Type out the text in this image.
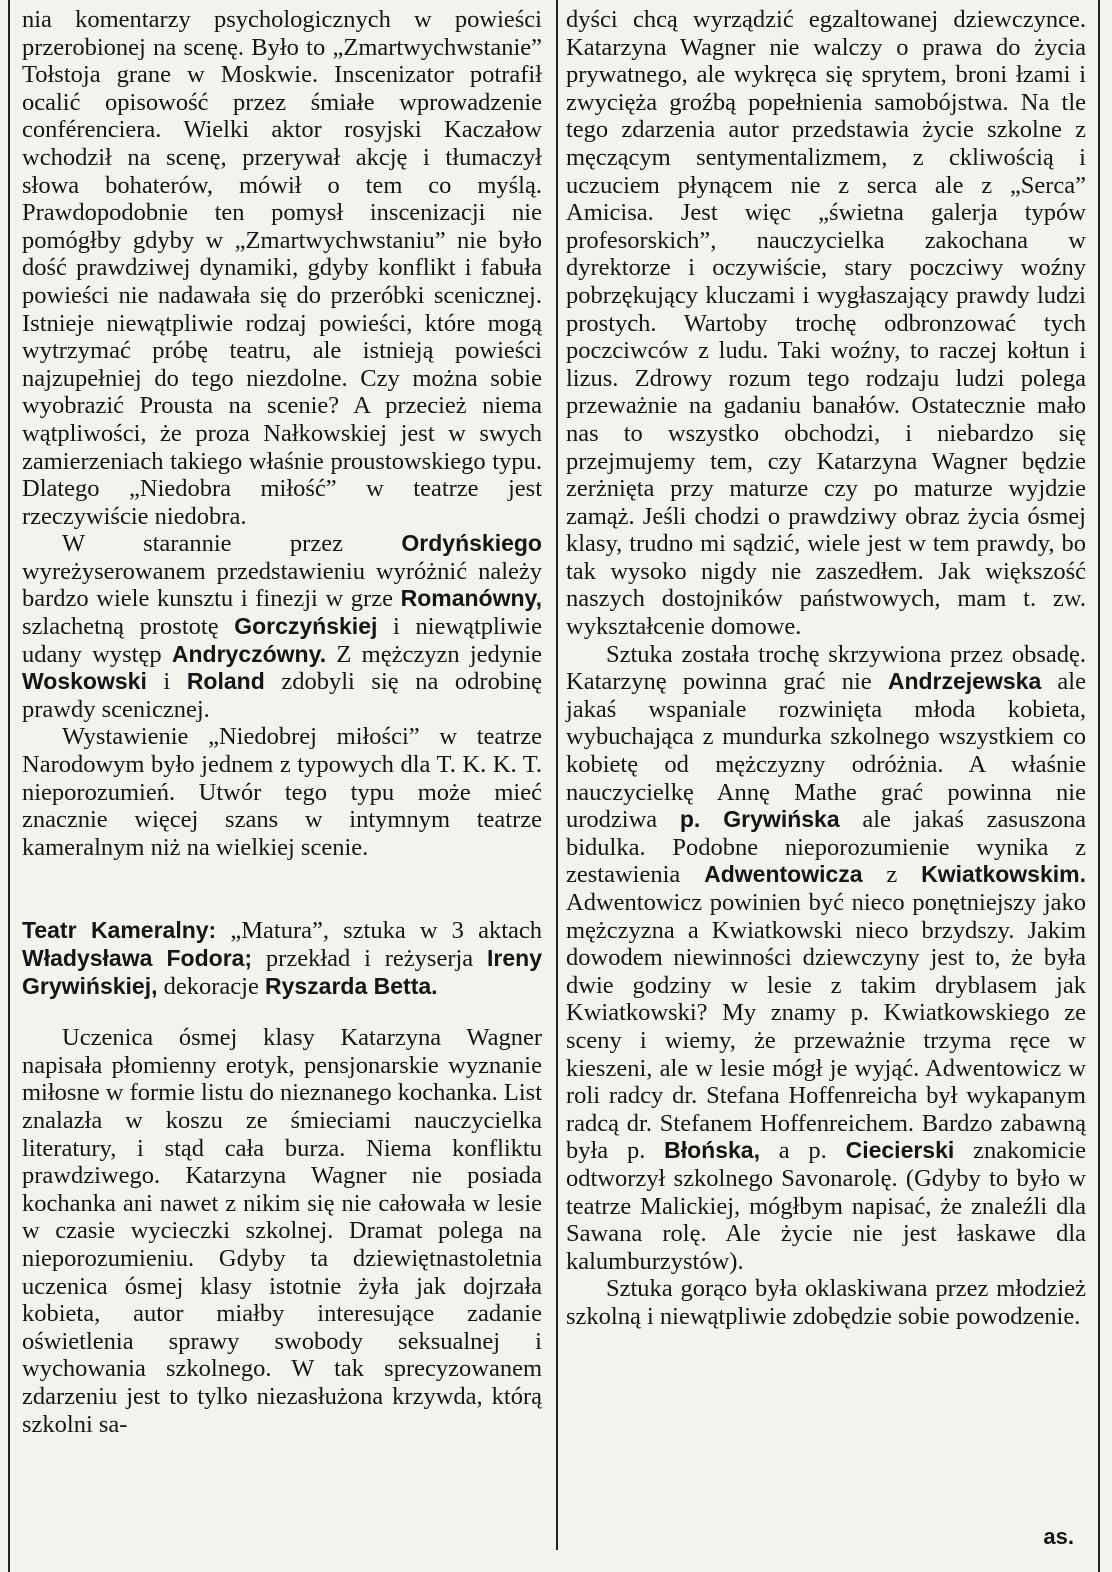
nia komentarzy psychologicznych w powieści przerobionej na scenę. Było to „Zmartwychwstanie” Tołstoja grane w Moskwie. Inscenizator potrafił ocalić opisowość przez śmiałe wprowadzenie conférenciera. Wielki aktor rosyjski Kaczałow wchodził na scenę, przerywał akcję i tłumaczył słowa bohaterów, mówił o tem co myślą. Prawdopodobnie ten pomysł inscenizacji nie pomógłby gdyby w „Zmartwychwstaniu” nie było dość prawdziwej dynamiki, gdyby konflikt i fabuła powieści nie nadawała się do przeróbki scenicznej. Istnieje niewątpliwie rodzaj powieści, które mogą wytrzymać próbę teatru, ale istnieją powieści najzupełniej do tego niezdolne. Czy można sobie wyobrazić Prousta na scenie? A przecież niema wątpliwości, że proza Nałkowskiej jest w swych zamierzeniach takiego właśnie proustowskiego typu. Dlatego „Niedobra miłość” w teatrze jest rzeczywiście niedobra.

W starannie przez Ordyńskiego wyreżyserowanem przedstawieniu wyróżnić należy bardzo wiele kunsztu i finezji w grze Romanówny, szlachetną prostotę Gorczyńskiej i niewątpliwie udany występ Andryczówny. Z mężczyzn jedynie Woskowski i Roland zdobyli się na odrobinę prawdy scenicznej.

Wystawienie „Niedobrej miłości” w teatrze Narodowym było jednem z typowych dla T. K. K. T. nieporozumień. Utwór tego typu może mieć znacznie więcej szans w intymnym teatrze kameralnym niż na wielkiej scenie.

Teatr Kameralny: „Matura”, sztuka w 3 aktach Władysława Fodora; przekład i reżyserja Ireny Grywińskiej, dekoracje Ryszarda Betta.

Uczenica ósmej klasy Katarzyna Wagner napisała płomienny erotyk, pensjonarskie wyznanie miłosne w formie listu do nieznanego kochanka. List znalazła w koszu ze śmieciami nauczycielka literatury, i stąd cała burza. Niema konfliktu prawdziwego. Katarzyna Wagner nie posiada kochanka ani nawet z nikim się nie całowała w lesie w czasie wycieczki szkolnej. Dramat polega na nieporozumieniu. Gdyby ta dziewiętnastoletnia uczenica ósmej klasy istotnie żyła jak dojrzała kobieta, autor miałby interesujące zadanie oświetlenia sprawy swobody seksualnej i wychowania szkolnego. W tak sprecyzowanem zdarzeniu jest to tylko niezasłużona krzywda, którą szkolni sa-

dyści chcą wyrządzić egzaltowanej dziewczynce. Katarzyna Wagner nie walczy o prawa do życia prywatnego, ale wykręca się sprytem, broni łzami i zwycięża groźbą popełnienia samobójstwa. Na tle tego zdarzenia autor przedstawia życie szkolne z męczącym sentymentalizmem, z ckliwością i uczuciem płynącem nie z serca ale z „Serca” Amicisa. Jest więc „świetna galerja typów profesorskich”, nauczycielka zakochana w dyrektorze i oczywiście, stary poczciwy woźny pobrzękujący kluczami i wygłaszający prawdy ludzi prostych. Wartoby trochę odbronzować tych poczciwców z ludu. Taki woźny, to raczej kołtun i lizus. Zdrowy rozum tego rodzaju ludzi polega przeważnie na gadaniu banałów. Ostatecznie mało nas to wszystko obchodzi, i niebardzo się przejmujemy tem, czy Katarzyna Wagner będzie zerżnięta przy maturze czy po maturze wyjdzie zamąż. Jeśli chodzi o prawdziwy obraz życia ósmej klasy, trudno mi sądzić, wiele jest w tem prawdy, bo tak wysoko nigdy nie zaszedłem. Jak większość naszych dostojników państwowych, mam t. zw. wykształcenie domowe.

Sztuka została trochę skrzywiona przez obsadę. Katarzynę powinna grać nie Andrzejewska ale jakaś wspaniale rozwinięta młoda kobieta, wybuchająca z mundurka szkolnego wszystkiem co kobietę od mężczyzny odróżnia. A właśnie nauczycielkę Annę Mathe grać powinna nie urodziwa p. Grywińska ale jakaś zasuszona bidulka. Podobne nieporozumienie wynika z zestawienia Adwentowicza z Kwiatkowskim. Adwentowicz powinien być nieco ponętniejszy jako mężczyzna a Kwiatkowski nieco brzydszy. Jakim dowodem niewinności dziewczyny jest to, że była dwie godziny w lesie z takim dryblasem jak Kwiatkowski? My znamy p. Kwiatkowskiego ze sceny i wiemy, że przeważnie trzyma ręce w kieszeni, ale w lesie mógł je wyjąć. Adwentowicz w roli radcy dr. Stefana Hoffenreicha był wykapanym radcą dr. Stefanem Hoffenreichem. Bardzo zabawną była p. Błońska, a p. Ciecierski znakomicie odtworzył szkolnego Savonarolę. (Gdyby to było w teatrze Malickiej, mógłbym napisać, że znaleźli dla Sawana rolę. Ale życie nie jest łaskawe dla kalumburzystów).

Sztuka gorąco była oklaskiwana przez młodzież szkolną i niewątpliwie zdobędzie sobie powodzenie.

as.
